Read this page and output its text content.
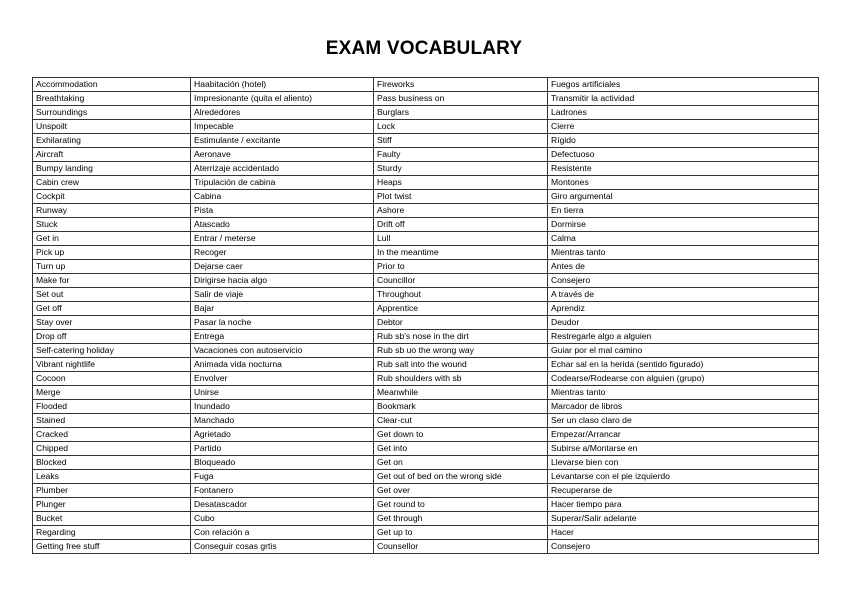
EXAM VOCABULARY
Accommodation	Haabitación (hotel)	Fireworks	Fuegos artificiales
Breathtaking	Impresionante (quita el aliento)	Pass business on	Transmitir la actividad
Surroundings	Alrededores	Burglars	Ladrones
Unspoilt	Impecable	Lock	Cierre
Exhilarating	Estimulante / excitante	Stiff	Rígido
Aircraft	Aeronave	Faulty	Defectuoso
Bumpy landing	Aterrizaje accidentado	Sturdy	Resistente
Cabin crew	Tripulación de cabina	Heaps	Montones
Cockpit	Cabina	Plot twist	Giro argumental
Runway	Pista	Ashore	En tierra
Stuck	Atascado	Drift off	Dormirse
Get in	Entrar / meterse	Lull	Calma
Pick up	Recoger	In the meantime	Mientras tanto
Turn up	Dejarse caer	Prior to	Antes de
Make for	Dirigirse hacia algo	Councillor	Consejero
Set out	Salir de viaje	Throughout	A través de
Get off	Bajar	Apprentice	Aprendiz
Stay over	Pasar la noche	Debtor	Deudor
Drop off	Entrega	Rub sb's nose in the dirt	Restregarle algo a alguien
Self-catering holiday	Vacaciones con autoservicio	Rub sb uo the wrong way	Guiar por el mal camino
Vibrant nightlife	Animada vida nocturna	Rub salt into the wound	Echar sal en la herida (sentido figurado)
Cocoon	Envolver	Rub shoulders with sb	Codearse/Rodearse con alguien (grupo)
Merge	Unirse	Meanwhile	Mientras tanto
Flooded	Inundado	Bookmark	Marcador de libros
Stained	Manchado	Clear-cut	Ser un claso claro de
Cracked	Agrietado	Get down to	Empezar/Arrancar
Chipped	Partido	Get into	Subirse a/Montarse en
Blocked	Bloqueado	Get on	Llevarse bien con
Leaks	Fuga	Get out of bed on the wrong side	Levantarse con el pie izquierdo
Plumber	Fontanero	Get over	Recuperarse de
Plunger	Desatascador	Get round to	Hacer tiempo para
Bucket	Cubo	Get through	Superar/Salir adelante
Regarding	Con relación a	Get up to	Hacer
Getting free stuff	Conseguir cosas grtis	Counsellor	Consejero
